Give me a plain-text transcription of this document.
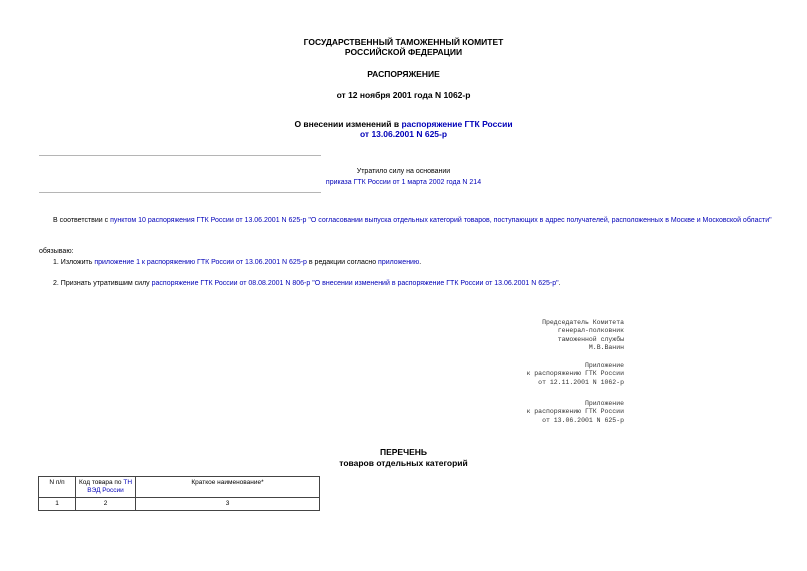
ГОСУДАРСТВЕННЫЙ ТАМОЖЕННЫЙ КОМИТЕТ
РОССИЙСКОЙ ФЕДЕРАЦИИ
РАСПОРЯЖЕНИЕ
от 12 ноября 2001 года N 1062-р
О внесении изменений в распоряжение ГТК России
от 13.06.2001 N 625-р
Утратило силу на основании
приказа ГТК России от 1 марта 2002 года N 214
В соответствии с пунктом 10 распоряжения ГТК России от 13.06.2001 N 625-р "О согласовании выпуска отдельных категорий товаров, поступающих в адрес получателей, расположенных в Москве и Московской области"
обязываю:
1. Изложить приложение 1 к распоряжению ГТК России от 13.06.2001 N 625-р в редакции согласно приложению.
2. Признать утратившим силу распоряжение ГТК России от 08.08.2001 N 806-р "О внесении изменений в распоряжение ГТК России от 13.06.2001 N 625-р".
Председатель Комитета
генерал-полковник
таможенной службы
М.В.Ванин
Приложение
к распоряжению ГТК России
от 12.11.2001 N 1062-р
Приложение
к распоряжению ГТК России
от 13.06.2001 N 625-р
ПЕРЕЧЕНЬ
товаров отдельных категорий
N п/п	Код товара по ТН ВЭД России	Краткое наименование*
1	2	3
